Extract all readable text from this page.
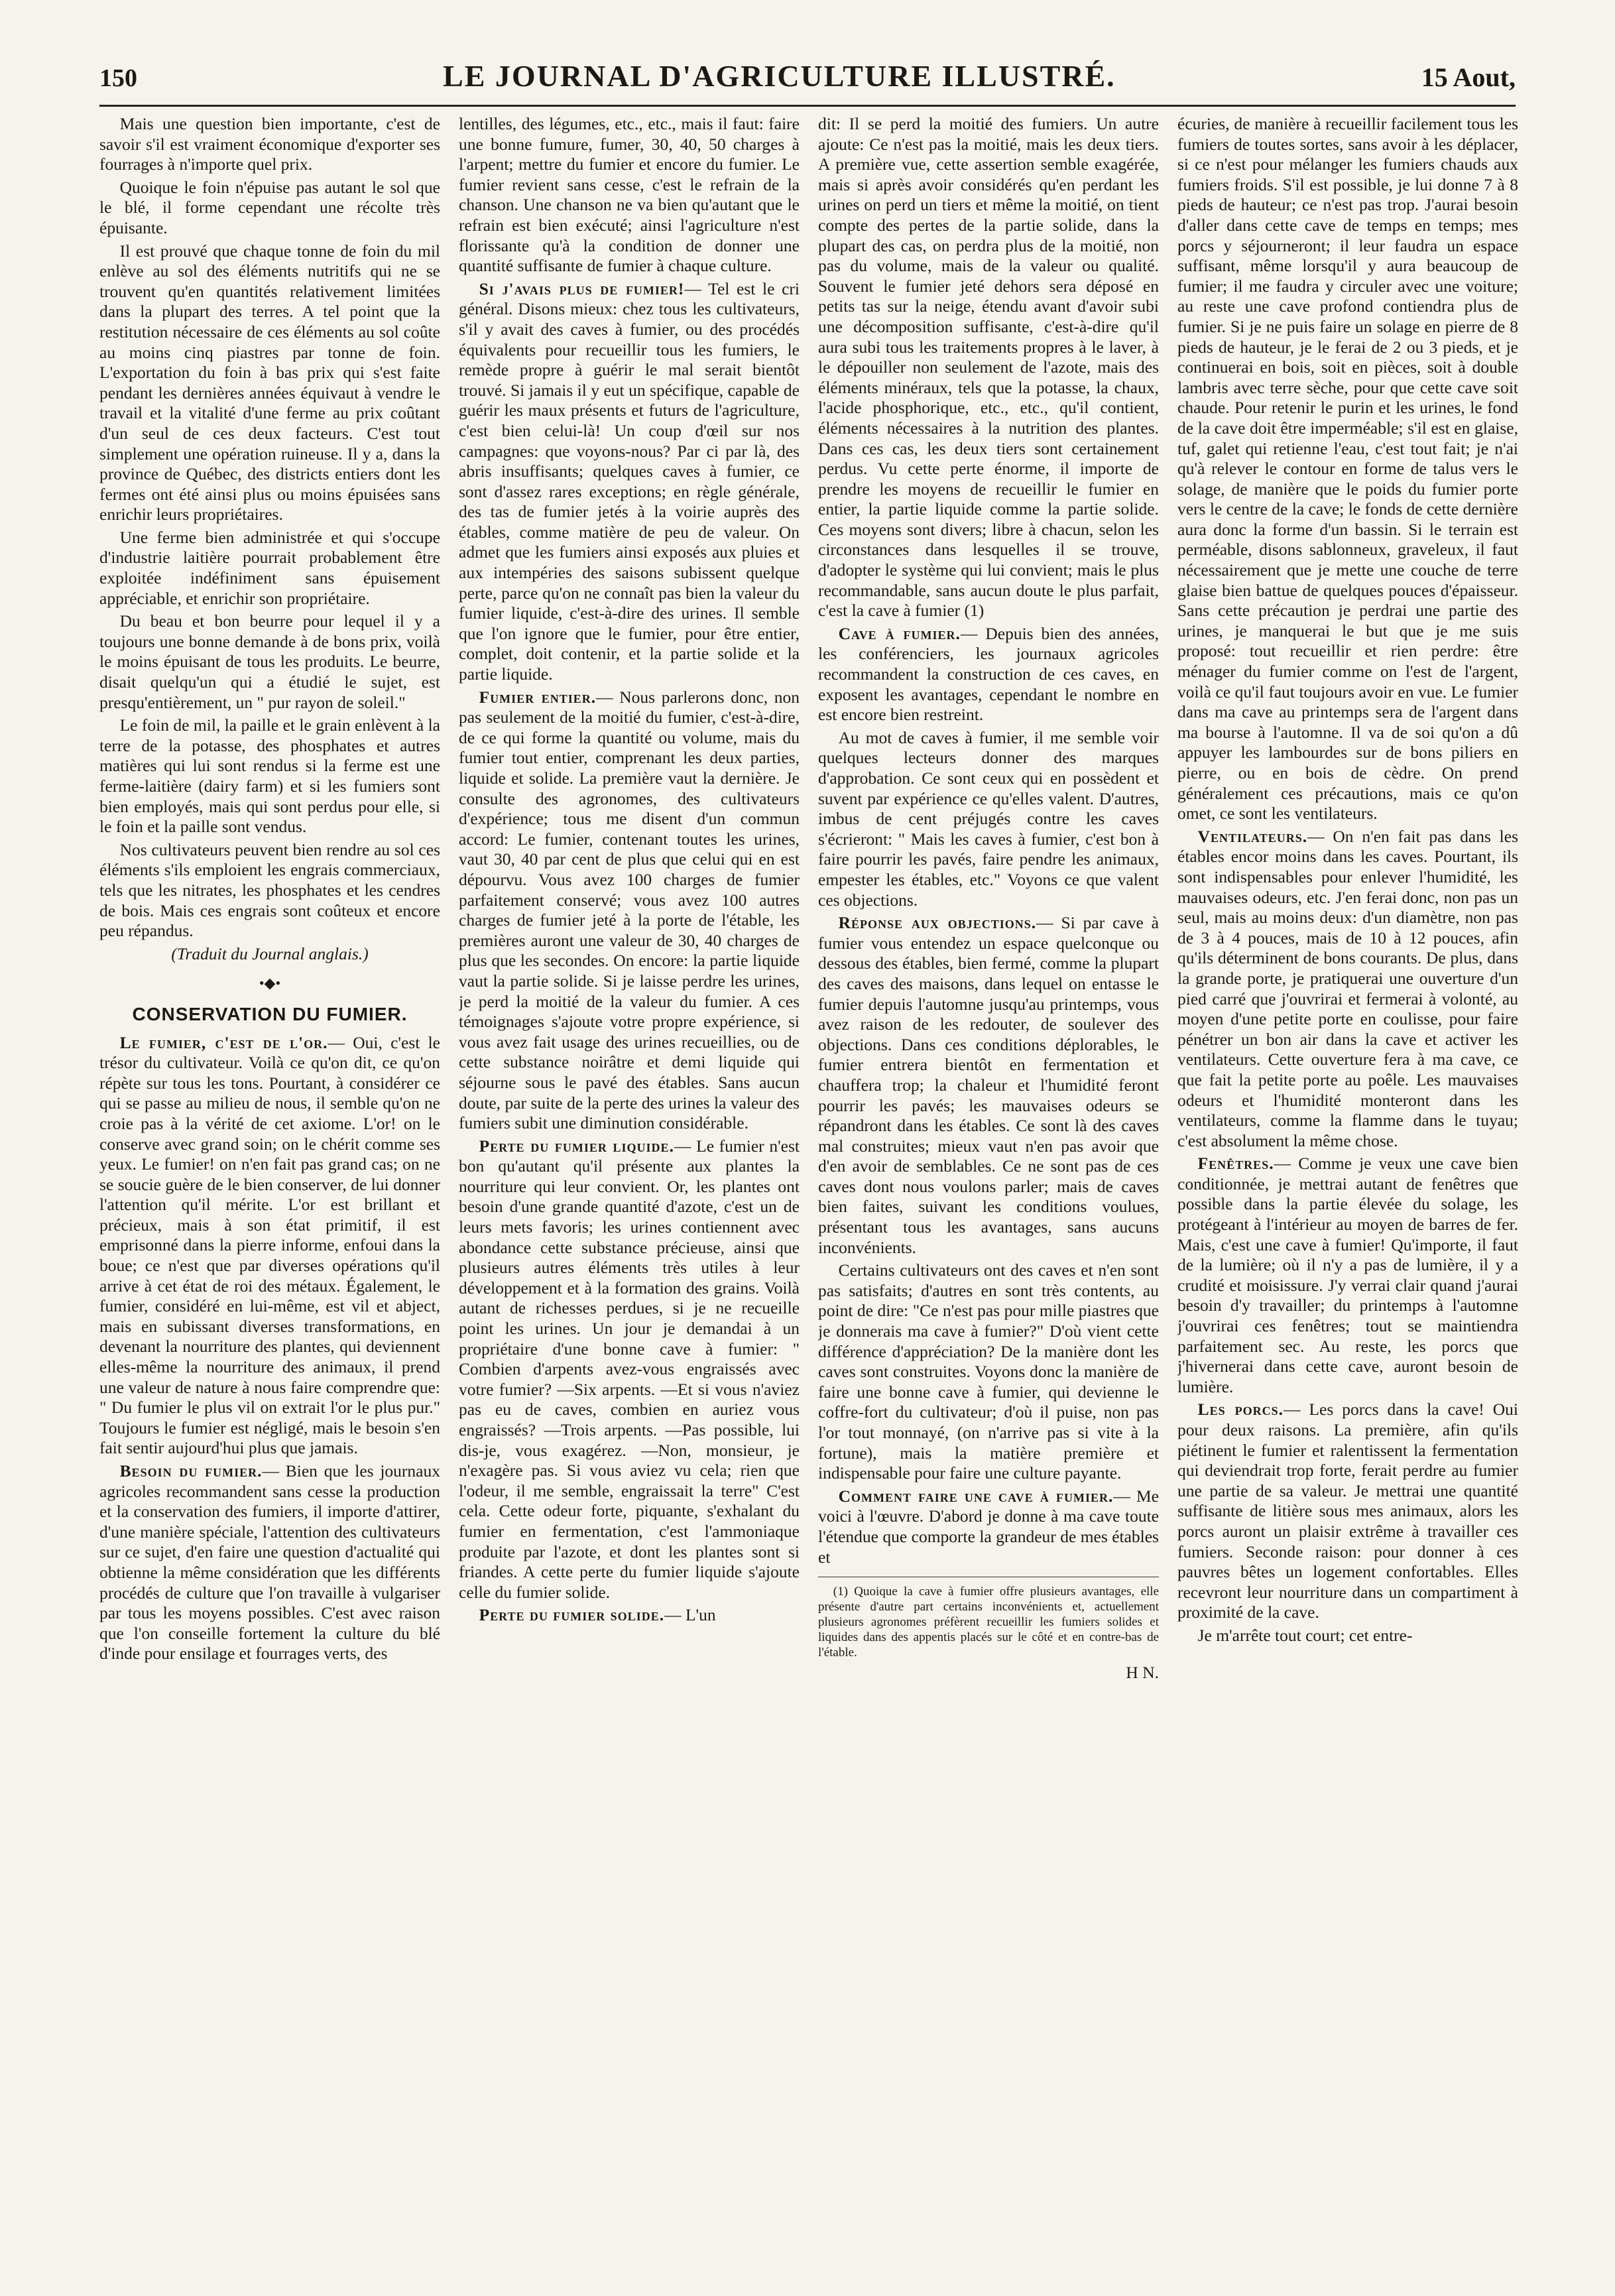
150	LE JOURNAL D'AGRICULTURE ILLUSTRÉ.	15 Aout,

Mais une question bien importante, c'est de savoir s'il est vraiment économique d'exporter ses fourrages à n'importe quel prix.

Quoique le foin n'épuise pas autant le sol que le blé, il forme cependant une récolte très épuisante.

Il est prouvé que chaque tonne de foin du mil enlève au sol des éléments nutritifs qui ne se trouvent qu'en quantités relativement limitées dans la plupart des terres. A tel point que la restitution nécessaire de ces éléments au sol coûte au moins cinq piastres par tonne de foin. L'exportation du foin à bas prix qui s'est faite pendant les dernières années équivaut à vendre le travail et la vitalité d'une ferme au prix coûtant d'un seul de ces deux facteurs. C'est tout simplement une opération ruineuse. Il y a, dans la province de Québec, des districts entiers dont les fermes ont été ainsi plus ou moins épuisées sans enrichir leurs propriétaires.

Une ferme bien administrée et qui s'occupe d'industrie laitière pourrait probablement être exploitée indéfiniment sans épuisement appréciable, et enrichir son propriétaire.

Du beau et bon beurre pour lequel il y a toujours une bonne demande à de bons prix, voilà le moins épuisant de tous les produits. Le beurre, disait quelqu'un qui a étudié le sujet, est presqu'entièrement, un " pur rayon de soleil."

Le foin de mil, la paille et le grain enlèvent à la terre de la potasse, des phosphates et autres matières qui lui sont rendus si la ferme est une ferme-laitière (dairy farm) et si les fumiers sont bien employés, mais qui sont perdus pour elle, si le foin et la paille sont vendus.

Nos cultivateurs peuvent bien rendre au sol ces éléments s'ils emploient les engrais commerciaux, tels que les nitrates, les phosphates et les cendres de bois. Mais ces engrais sont coûteux et encore peu répandus.

(Traduit du Journal anglais.)
•◆•
CONSERVATION DU FUMIER.

Le fumier, c'est de l'or.— Oui, c'est le trésor du cultivateur. Voilà ce qu'on dit, ce qu'on répète sur tous les tons. Pourtant, à considérer ce qui se passe au milieu de nous, il semble qu'on ne croie pas à la vérité de cet axiome. L'or! on le conserve avec grand soin; on le chérit comme ses yeux. Le fumier! on n'en fait pas grand cas; on ne se soucie guère de le bien conserver, de lui donner l'attention qu'il mérite. L'or est brillant et précieux, mais à son état primitif, il est emprisonné dans la pierre informe, enfoui dans la boue; ce n'est que par diverses opérations qu'il arrive à cet état de roi des métaux. Également, le fumier, considéré en lui-même, est vil et abject, mais en subissant diverses transformations, en devenant la nourriture des plantes, qui deviennent elles-même la nourriture des animaux, il prend une valeur de nature à nous faire comprendre que: " Du fumier le plus vil on extrait l'or le plus pur." Toujours le fumier est négligé, mais le besoin s'en fait sentir aujourd'hui plus que jamais.

Besoin du fumier.— Bien que les journaux agricoles recommandent sans cesse la production et la conservation des fumiers, il importe d'attirer, d'une manière spéciale, l'attention des cultivateurs sur ce sujet, d'en faire une question d'actualité qui obtienne la même considération que les différents procédés de culture que l'on travaille à vulgariser par tous les moyens possibles. C'est avec raison que l'on conseille fortement la culture du blé d'inde pour ensilage et fourrages verts, des

lentilles, des légumes, etc., etc., mais il faut: faire une bonne fumure, fumer, 30, 40, 50 charges à l'arpent; mettre du fumier et encore du fumier. Le fumier revient sans cesse, c'est le refrain de la chanson. Une chanson ne va bien qu'autant que le refrain est bien exécuté; ainsi l'agriculture n'est florissante qu'à la condition de donner une quantité suffisante de fumier à chaque culture.

Si j'avais plus de fumier!— Tel est le cri général. Disons mieux: chez tous les cultivateurs, s'il y avait des caves à fumier, ou des procédés équivalents pour recueillir tous les fumiers, le remède propre à guérir le mal serait bientôt trouvé. Si jamais il y eut un spécifique, capable de guérir les maux présents et futurs de l'agriculture, c'est bien celui-là! Un coup d'œil sur nos campagnes: que voyons-nous? Par ci par là, des abris insuffisants; quelques caves à fumier, ce sont d'assez rares exceptions; en règle générale, des tas de fumier jetés à la voirie auprès des étables, comme matière de peu de valeur. On admet que les fumiers ainsi exposés aux pluies et aux intempéries des saisons subissent quelque perte, parce qu'on ne connaît pas bien la valeur du fumier liquide, c'est-à-dire des urines. Il semble que l'on ignore que le fumier, pour être entier, complet, doit contenir, et la partie solide et la partie liquide.

Fumier entier.— Nous parlerons donc, non pas seulement de la moitié du fumier, c'est-à-dire, de ce qui forme la quantité ou volume, mais du fumier tout entier, comprenant les deux parties, liquide et solide. La première vaut la dernière. Je consulte des agronomes, des cultivateurs d'expérience; tous me disent d'un commun accord: Le fumier, contenant toutes les urines, vaut 30, 40 par cent de plus que celui qui en est dépourvu. Vous avez 100 charges de fumier parfaitement conservé; vous avez 100 autres charges de fumier jeté à la porte de l'étable, les premières auront une valeur de 30, 40 charges de plus que les secondes. On encore: la partie liquide vaut la partie solide. Si je laisse perdre les urines, je perd la moitié de la valeur du fumier. A ces témoignages s'ajoute votre propre expérience, si vous avez fait usage des urines recueillies, ou de cette substance noirâtre et demi liquide qui séjourne sous le pavé des étables. Sans aucun doute, par suite de la perte des urines la valeur des fumiers subit une diminution considérable.

Perte du fumier liquide.— Le fumier n'est bon qu'autant qu'il présente aux plantes la nourriture qui leur convient. Or, les plantes ont besoin d'une grande quantité d'azote, c'est un de leurs mets favoris; les urines contiennent avec abondance cette substance précieuse, ainsi que plusieurs autres éléments très utiles à leur développement et à la formation des grains. Voilà autant de richesses perdues, si je ne recueille point les urines. Un jour je demandai à un propriétaire d'une bonne cave à fumier: " Combien d'arpents avez-vous engraissés avec votre fumier? —Six arpents. —Et si vous n'aviez pas eu de caves, combien en auriez vous engraissés? —Trois arpents. —Pas possible, lui dis-je, vous exagérez. —Non, monsieur, je n'exagère pas. Si vous aviez vu cela; rien que l'odeur, il me semble, engraissait la terre" C'est cela. Cette odeur forte, piquante, s'exhalant du fumier en fermentation, c'est l'ammoniaque produite par l'azote, et dont les plantes sont si friandes. A cette perte du fumier liquide s'ajoute celle du fumier solide.

Perte du fumier solide.— L'un

dit: Il se perd la moitié des fumiers. Un autre ajoute: Ce n'est pas la moitié, mais les deux tiers. A première vue, cette assertion semble exagérée, mais si après avoir considérés qu'en perdant les urines on perd un tiers et même la moitié, on tient compte des pertes de la partie solide, dans la plupart des cas, on perdra plus de la moitié, non pas du volume, mais de la valeur ou qualité. Souvent le fumier jeté dehors sera déposé en petits tas sur la neige, étendu avant d'avoir subi une décomposition suffisante, c'est-à-dire qu'il aura subi tous les traitements propres à le laver, à le dépouiller non seulement de l'azote, mais des éléments minéraux, tels que la potasse, la chaux, l'acide phosphorique, etc., etc., qu'il contient, éléments nécessaires à la nutrition des plantes. Dans ces cas, les deux tiers sont certainement perdus. Vu cette perte énorme, il importe de prendre les moyens de recueillir le fumier en entier, la partie liquide comme la partie solide. Ces moyens sont divers; libre à chacun, selon les circonstances dans lesquelles il se trouve, d'adopter le système qui lui convient; mais le plus recommandable, sans aucun doute le plus parfait, c'est la cave à fumier (1)

Cave à fumier.— Depuis bien des années, les conférenciers, les journaux agricoles recommandent la construction de ces caves, en exposent les avantages, cependant le nombre en est encore bien restreint.

Au mot de caves à fumier, il me semble voir quelques lecteurs donner des marques d'approbation. Ce sont ceux qui en possèdent et suvent par expérience ce qu'elles valent. D'autres, imbus de cent préjugés contre les caves s'écrieront: " Mais les caves à fumier, c'est bon à faire pourrir les pavés, faire pendre les animaux, empester les étables, etc." Voyons ce que valent ces objections.

Réponse aux objections.— Si par cave à fumier vous entendez un espace quelconque ou dessous des étables, bien fermé, comme la plupart des caves des maisons, dans lequel on entasse le fumier depuis l'automne jusqu'au printemps, vous avez raison de les redouter, de soulever des objections. Dans ces conditions déplorables, le fumier entrera bientôt en fermentation et chauffera trop; la chaleur et l'humidité feront pourrir les pavés; les mauvaises odeurs se répandront dans les étables. Ce sont là des caves mal construites; mieux vaut n'en pas avoir que d'en avoir de semblables. Ce ne sont pas de ces caves dont nous voulons parler; mais de caves bien faites, suivant les conditions voulues, présentant tous les avantages, sans aucuns inconvénients.

Certains cultivateurs ont des caves et n'en sont pas satisfaits; d'autres en sont très contents, au point de dire: "Ce n'est pas pour mille piastres que je donnerais ma cave à fumier?" D'où vient cette différence d'appréciation? De la manière dont les caves sont construites. Voyons donc la manière de faire une bonne cave à fumier, qui devienne le coffre-fort du cultivateur; d'où il puise, non pas l'or tout monnayé, (on n'arrive pas si vite à la fortune), mais la matière première et indispensable pour faire une culture payante.

Comment faire une cave à fumier.— Me voici à l'œuvre. D'abord je donne à ma cave toute l'étendue que comporte la grandeur de mes étables et

(1) Quoique la cave à fumier offre plusieurs avantages, elle présente d'autre part certains inconvénients et, actuellement plusieurs agronomes préfèrent recueillir les fumiers solides et liquides dans des appentis placés sur le côté et en contre-bas de l'étable.
H N.

écuries, de manière à recueillir facilement tous les fumiers de toutes sortes, sans avoir à les déplacer, si ce n'est pour mélanger les fumiers chauds aux fumiers froids. S'il est possible, je lui donne 7 à 8 pieds de hauteur; ce n'est pas trop. J'aurai besoin d'aller dans cette cave de temps en temps; mes porcs y séjourneront; il leur faudra un espace suffisant, même lorsqu'il y aura beaucoup de fumier; il me faudra y circuler avec une voiture; au reste une cave profond contiendra plus de fumier. Si je ne puis faire un solage en pierre de 8 pieds de hauteur, je le ferai de 2 ou 3 pieds, et je continuerai en bois, soit en pièces, soit à double lambris avec terre sèche, pour que cette cave soit chaude. Pour retenir le purin et les urines, le fond de la cave doit être imperméable; s'il est en glaise, tuf, galet qui retienne l'eau, c'est tout fait; je n'ai qu'à relever le contour en forme de talus vers le solage, de manière que le poids du fumier porte vers le centre de la cave; le fonds de cette dernière aura donc la forme d'un bassin. Si le terrain est perméable, disons sablonneux, graveleux, il faut nécessairement que je mette une couche de terre glaise bien battue de quelques pouces d'épaisseur. Sans cette précaution je perdrai une partie des urines, je manquerai le but que je me suis proposé: tout recueillir et rien perdre: être ménager du fumier comme on l'est de l'argent, voilà ce qu'il faut toujours avoir en vue. Le fumier dans ma cave au printemps sera de l'argent dans ma bourse à l'automne. Il va de soi qu'on a dû appuyer les lambourdes sur de bons piliers en pierre, ou en bois de cèdre. On prend généralement ces précautions, mais ce qu'on omet, ce sont les ventilateurs.

Ventilateurs.— On n'en fait pas dans les étables encor moins dans les caves. Pourtant, ils sont indispensables pour enlever l'humidité, les mauvaises odeurs, etc. J'en ferai donc, non pas un seul, mais au moins deux: d'un diamètre, non pas de 3 à 4 pouces, mais de 10 à 12 pouces, afin qu'ils déterminent de bons courants. De plus, dans la grande porte, je pratiquerai une ouverture d'un pied carré que j'ouvrirai et fermerai à volonté, au moyen d'une petite porte en coulisse, pour faire pénétrer un bon air dans la cave et activer les ventilateurs. Cette ouverture fera à ma cave, ce que fait la petite porte au poêle. Les mauvaises odeurs et l'humidité monteront dans les ventilateurs, comme la flamme dans le tuyau; c'est absolument la même chose.

Fenêtres.— Comme je veux une cave bien conditionnée, je mettrai autant de fenêtres que possible dans la partie élevée du solage, les protégeant à l'intérieur au moyen de barres de fer. Mais, c'est une cave à fumier! Qu'importe, il faut de la lumière; où il n'y a pas de lumière, il y a crudité et moisissure. J'y verrai clair quand j'aurai besoin d'y travailler; du printemps à l'automne j'ouvrirai ces fenêtres; tout se maintiendra parfaitement sec. Au reste, les porcs que j'hivernerai dans cette cave, auront besoin de lumière.

Les porcs.— Les porcs dans la cave! Oui pour deux raisons. La première, afin qu'ils piétinent le fumier et ralentissent la fermentation qui deviendrait trop forte, ferait perdre au fumier une partie de sa valeur. Je mettrai une quantité suffisante de litière sous mes animaux, alors les porcs auront un plaisir extrême à travailler ces fumiers. Seconde raison: pour donner à ces pauvres bêtes un logement confortables. Elles recevront leur nourriture dans un compartiment à proximité de la cave.

Je m'arrête tout court; cet entre-
